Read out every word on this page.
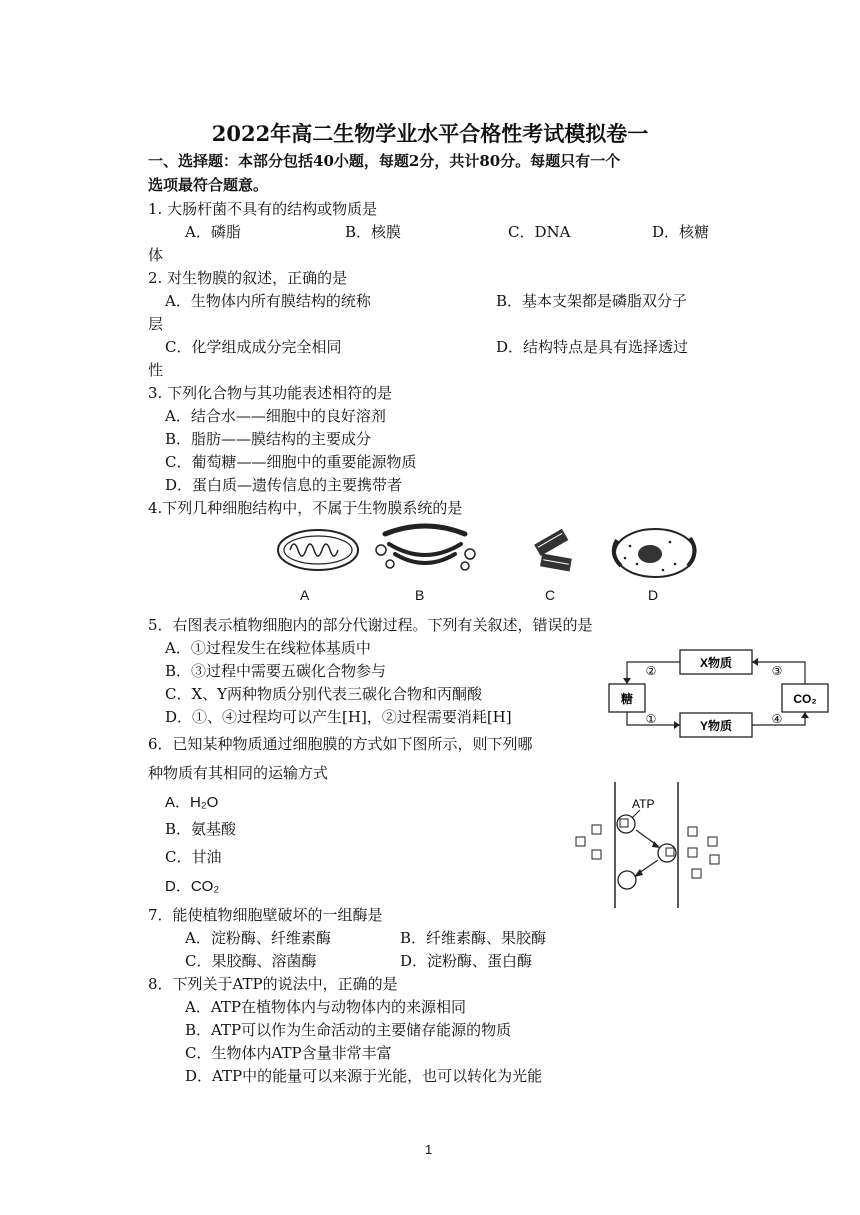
2022年高二生物学业水平合格性考试模拟卷一
一、选择题：本部分包括40小题，每题2分，共计80分。每题只有一个
选项最符合题意。
1. 大肠杆菌不具有的结构或物质是
A．磷脂	B．核膜	C．DNA	D．核糖
体
2. 对生物膜的叙述，正确的是
A．生物体内所有膜结构的统称	B．基本支架都是磷脂双分子
层
C．化学组成成分完全相同	D．结构特点是具有选择透过
性
3. 下列化合物与其功能表述相符的是
A．结合水——细胞中的良好溶剂
B．脂肪——膜结构的主要成分
C．葡萄糖——细胞中的重要能源物质
D．蛋白质—遗传信息的主要携带者
4.下列几种细胞结构中，不属于生物膜系统的是
A	B	C	D
5．右图表示植物细胞内的部分代谢过程。下列有关叙述，错误的是
A．①过程发生在线粒体基质中
B．③过程中需要五碳化合物参与
C．X、Y两种物质分别代表三碳化合物和丙酮酸
D．①、④过程均可以产生[H]，②过程需要消耗[H]
X物质
Y物质
糖	CO₂
②
①
③
④
6．已知某种物质通过细胞膜的方式如下图所示，则下列哪
种物质有其相同的运输方式
A．H₂O
B．氨基酸
C．甘油
D．CO₂
ATP
7．能使植物细胞壁破坏的一组酶是
A．淀粉酶、纤维素酶	B．纤维素酶、果胶酶
C．果胶酶、溶菌酶	D．淀粉酶、蛋白酶
8．下列关于ATP的说法中，正确的是
A．ATP在植物体内与动物体内的来源相同
B．ATP可以作为生命活动的主要储存能源的物质
C．生物体内ATP含量非常丰富
D．ATP中的能量可以来源于光能，也可以转化为光能
1
